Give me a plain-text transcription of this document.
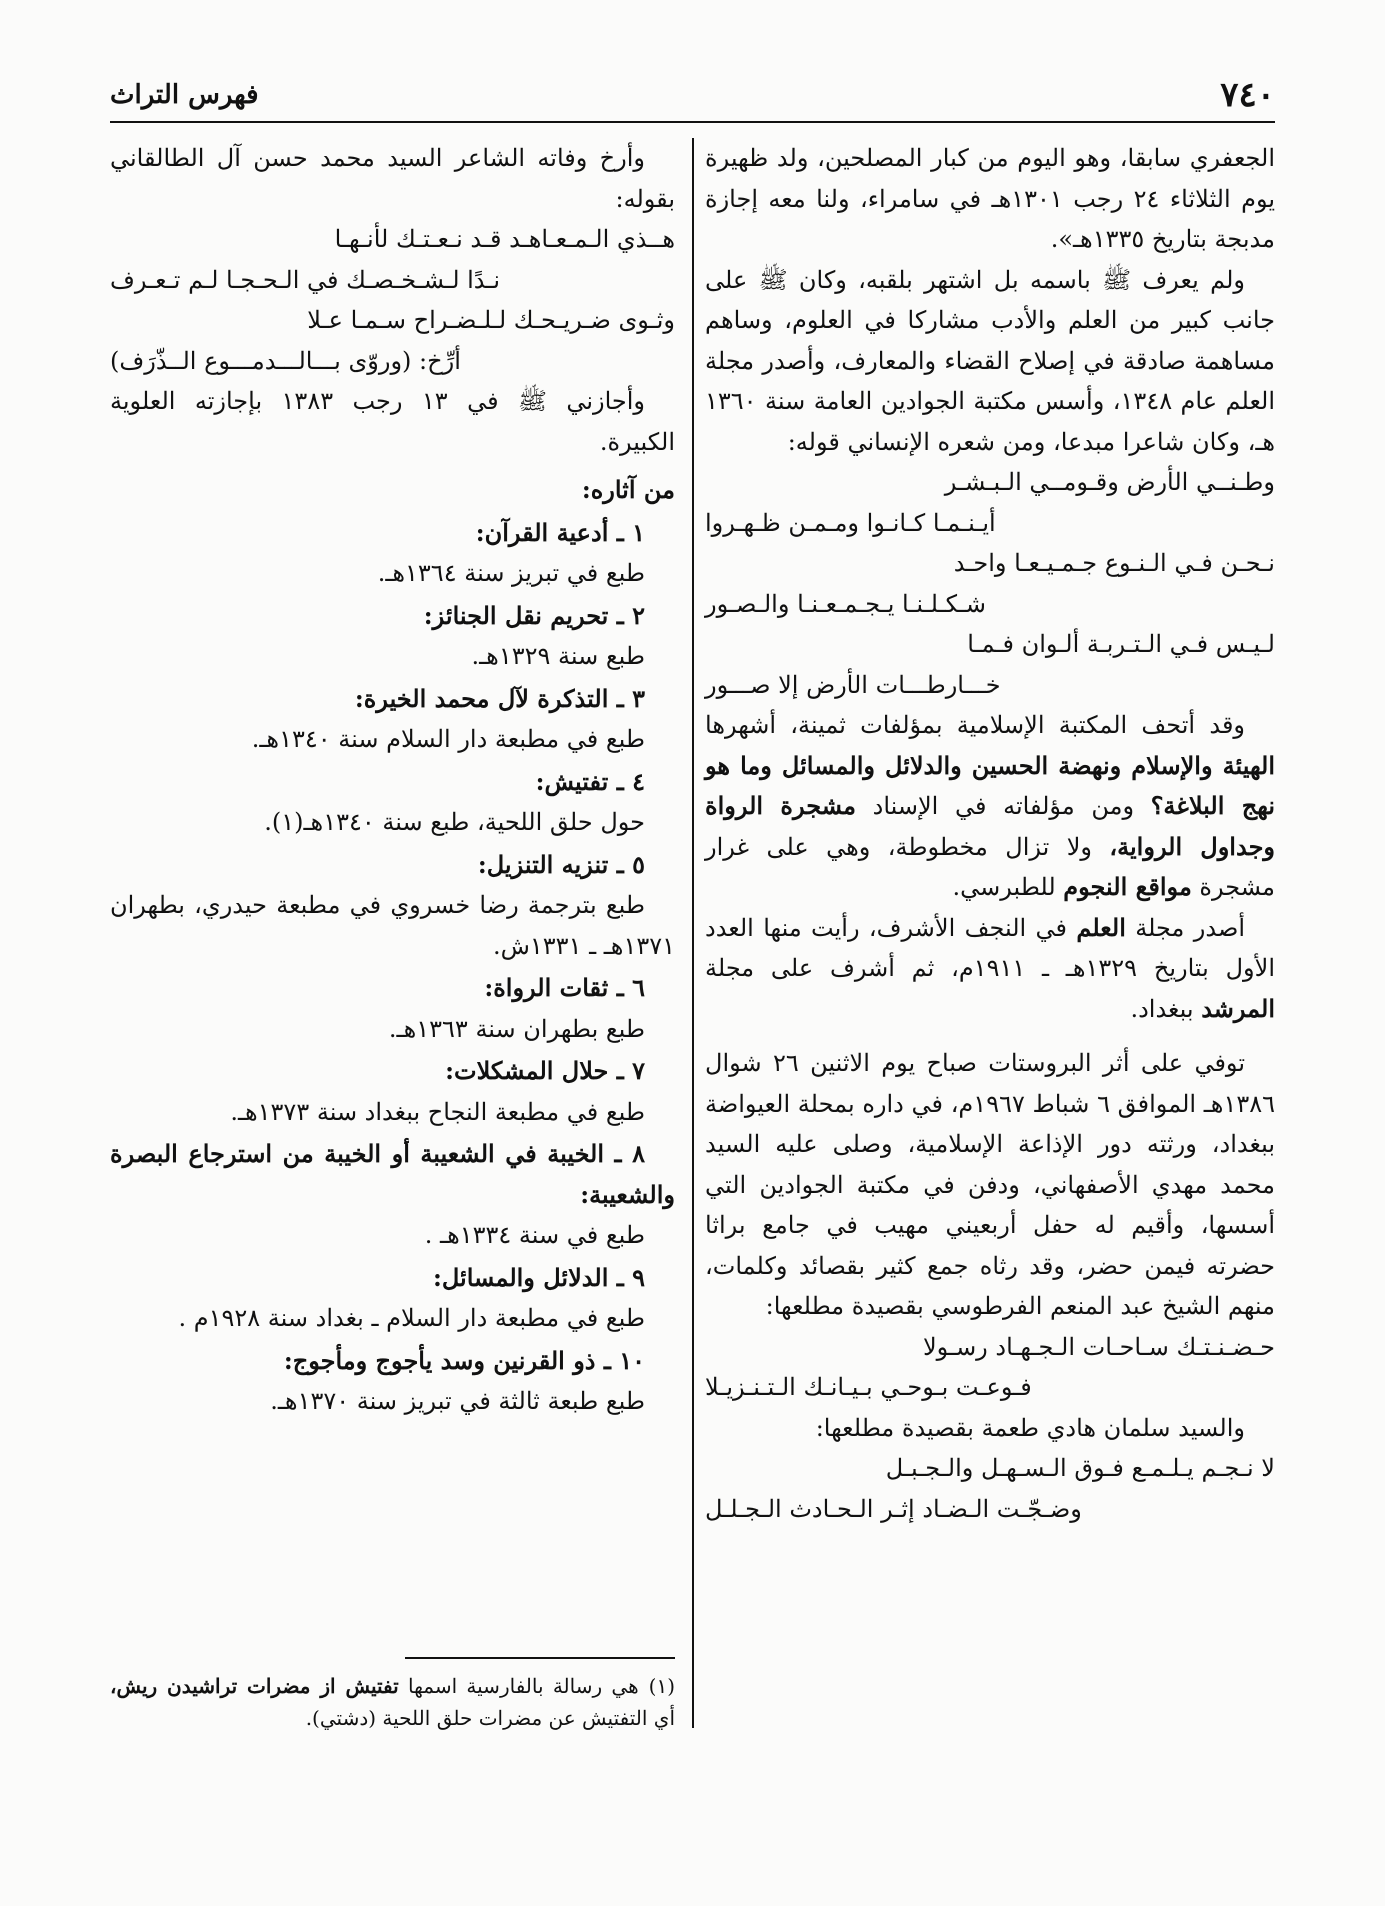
٧٤٠
فهرس التراث

الجعفري سابقا، وهو اليوم من كبار المصلحين، ولد ظهيرة يوم الثلاثاء ٢٤ رجب ١٣٠١هـ في سامراء، ولنا معه إجازة مدبجة بتاريخ ١٣٣٥هـ».

ولم يعرف ﷺ باسمه بل اشتهر بلقبه، وكان ﷺ على جانب كبير من العلم والأدب مشاركا في العلوم، وساهم مساهمة صادقة في إصلاح القضاء والمعارف، وأصدر مجلة العلم عام ١٣٤٨، وأسس مكتبة الجوادين العامة سنة ١٣٦٠ هـ، وكان شاعرا مبدعا، ومن شعره الإنساني قوله:

وطـنــي الأرض وقـومــي الـبـشـر
أيـنـمـا كـانـوا ومـمـن ظـهـروا
نـحـن فـي الـنـوع جـمـيـعـا واحـد
شـكـلـنـا يـجـمـعـنـا والـصـور
لـيـس فـي الـتـربـة ألـوان فـمـا
خـــارطـــات الأرض إلا صـــور

وقد أتحف المكتبة الإسلامية بمؤلفات ثمينة، أشهرها الهيئة والإسلام ونهضة الحسين والدلائل والمسائل وما هو نهج البلاغة؟ ومن مؤلفاته في الإسناد مشجرة الرواة وجداول الرواية، ولا تزال مخطوطة، وهي على غرار مشجرة مواقع النجوم للطبرسي.

أصدر مجلة العلم في النجف الأشرف، رأيت منها العدد الأول بتاريخ ١٣٢٩هـ ـ ١٩١١م، ثم أشرف على مجلة المرشد ببغداد.

توفي على أثر البروستات صباح يوم الاثنين ٢٦ شوال ١٣٨٦هـ الموافق ٦ شباط ١٩٦٧م، في داره بمحلة العيواضة ببغداد، ورثته دور الإذاعة الإسلامية، وصلى عليه السيد محمد مهدي الأصفهاني، ودفن في مكتبة الجوادين التي أسسها، وأقيم له حفل أربعيني مهيب في جامع براثا حضرته فيمن حضر، وقد رثاه جمع كثير بقصائد وكلمات، منهم الشيخ عبد المنعم الفرطوسي بقصيدة مطلعها:

حـضـنـتـك سـاحـات الـجـهـاد رسـولا
فـوعـت بـوحـي بـيـانـك الـتـنـزيـلا

والسيد سلمان هادي طعمة بقصيدة مطلعها:

لا نـجـم يـلـمـع فـوق الـسـهـل والـجـبـل
وضـجّـت الـضـاد إثـر الـحـادث الـجـلـل

وأرخ وفاته الشاعر السيد محمد حسن آل الطالقاني بقوله:

هــذي الـمـعـاهـد قـد نـعـتـك لأنـهـا
نـدًا لـشـخـصـك في الـحـجـا لـم تـعـرف
وثـوى ضـريـحـك لـلـضـراح سـمـا عـلا
أرِّخ: (وروّى بـــالـــدمـــوع الــذّرَف)

وأجازني ﷺ في ١٣ رجب ١٣٨٣ بإجازته العلوية الكبيرة.

من آثاره:

١ ـ أدعية القرآن:

طبع في تبريز سنة ١٣٦٤هـ.

٢ ـ تحريم نقل الجنائز:

طبع سنة ١٣٢٩هـ.

٣ ـ التذكرة لآل محمد الخيرة:

طبع في مطبعة دار السلام سنة ١٣٤٠هـ.

٤ ـ تفتيش:

حول حلق اللحية، طبع سنة ١٣٤٠هـ(١).

٥ ـ تنزيه التنزيل:

طبع بترجمة رضا خسروي في مطبعة حيدري، بطهران ١٣٧١هـ ـ ١٣٣١ش.

٦ ـ ثقات الرواة:

طبع بطهران سنة ١٣٦٣هـ.

٧ ـ حلال المشكلات:

طبع في مطبعة النجاح ببغداد سنة ١٣٧٣هـ.

٨ ـ الخيبة في الشعيبة أو الخيبة من استرجاع البصرة والشعيبة:

طبع في سنة ١٣٣٤هـ .

٩ ـ الدلائل والمسائل:

طبع في مطبعة دار السلام ـ بغداد سنة ١٩٢٨م .

١٠ ـ ذو القرنين وسد يأجوج ومأجوج:

طبع طبعة ثالثة في تبريز سنة ١٣٧٠هـ.

(١)هي رسالة بالفارسية اسمها تفتيش از مضرات تراشيدن ريش، أي التفتيش عن مضرات حلق اللحية (دشتي).
